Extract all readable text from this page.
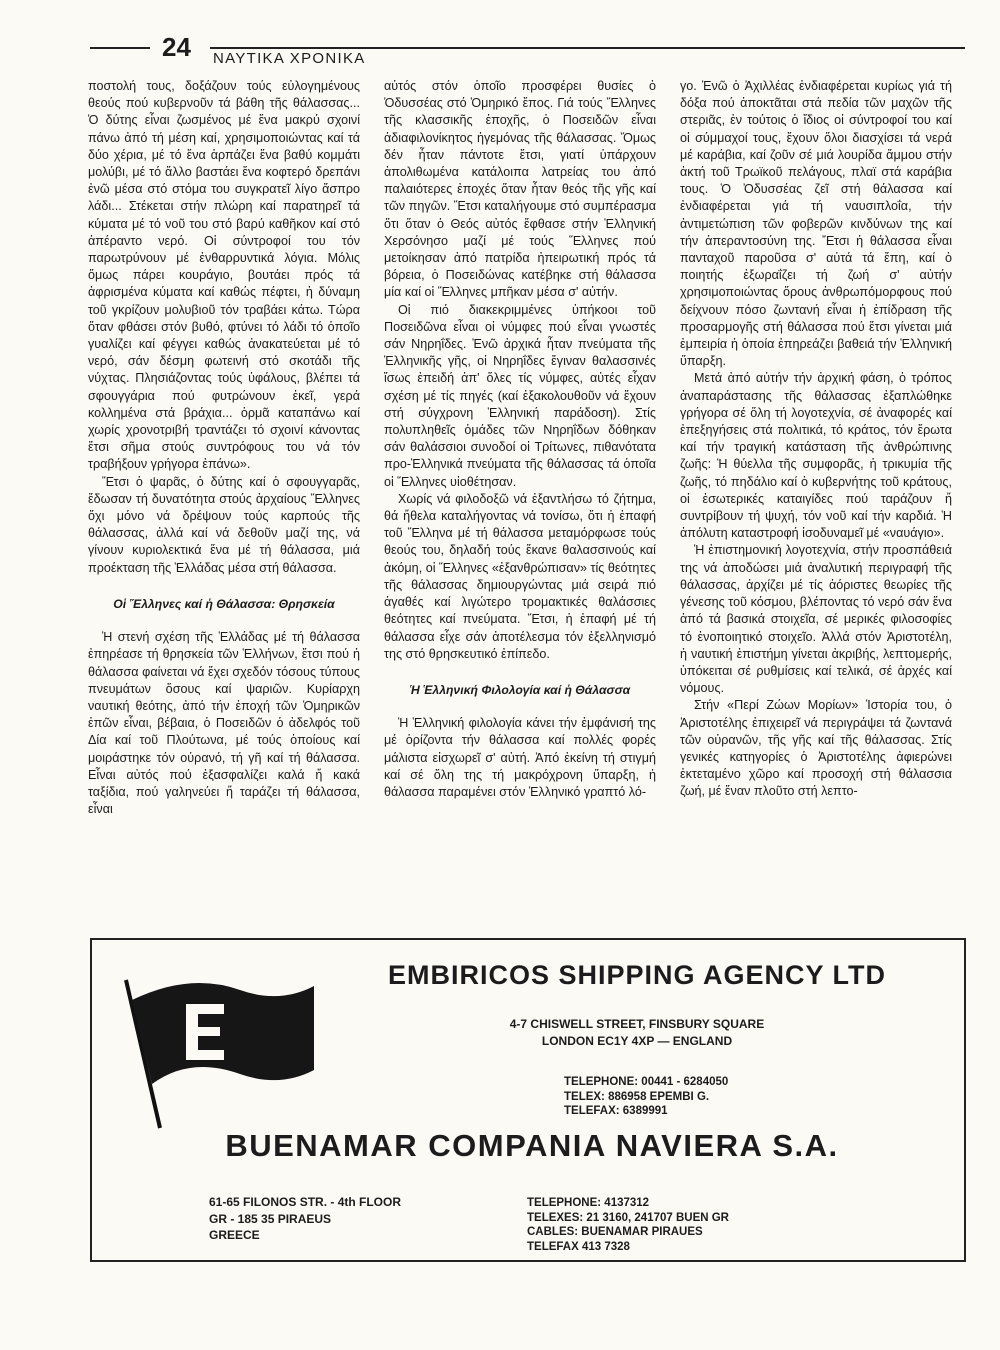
24 ΝΑΥΤΙΚΑ ΧΡΟΝΙΚΑ

ποστολή τους, δοξάζουν τούς εὐλογημένους θεούς πού κυβερνοῦν τά βάθη τῆς θάλασσας... Ὁ δύτης εἶναι ζωσμένος μέ ἕνα μακρύ σχοινί πάνω ἀπό τή μέση καί, χρησιμοποιώντας καί τά δύο χέρια, μέ τό ἕνα ἁρπάζει ἕνα βαθύ κομμάτι μολύβι, μέ τό ἄλλο βαστάει ἕνα κοφτερό δρεπάνι ἐνῶ μέσα στό στόμα του συγκρατεῖ λίγο ἄσπρο λάδι... Στέκεται στήν πλώρη καί παρατηρεῖ τά κύματα μέ τό νοῦ του στό βαρύ καθῆκον καί στό ἀπέραντο νερό. Οἱ σύντροφοί του τόν παρωτρύνουν μέ ἐνθαρρυντικά λόγια. Μόλις ὅμως πάρει κουράγιο, βουτάει πρός τά ἀφρισμένα κύματα καί καθώς πέφτει, ἡ δύναμη τοῦ γκρίζουν μολυβιοῦ τόν τραβάει κάτω. Τώρα ὅταν φθάσει στόν βυθό, φτύνει τό λάδι τό ὁποῖο γυαλίζει καί φέγγει καθώς ἀνακατεύεται μέ τό νερό, σάν δέσμη φωτεινή στό σκοτάδι τῆς νύχτας. Πλησιάζοντας τούς ὑφάλους, βλέπει τά σφουγγάρια πού φυτρώνουν ἐκεῖ, γερά κολλημένα στά βράχια... ὁρμᾶ καταπάνω καί χωρίς χρονοτριβή τραντάζει τό σχοινί κάνοντας ἔτσι σῆμα στούς συντρόφους του νά τόν τραβήξουν γρήγορα ἐπάνω».

Ἔτσι ὁ ψαρᾶς, ὁ δύτης καί ὁ σφουγγαρᾶς, ἔδωσαν τή δυνατότητα στούς ἀρχαίους Ἕλληνες ὄχι μόνο νά δρέψουν τούς καρπούς τῆς θάλασσας, ἀλλά καί νά δεθοῦν μαζί της, νά γίνουν κυριολεκτικά ἕνα μέ τή θάλασσα, μιά προέκταση τῆς Ἑλλάδας μέσα στή θάλασσα.

Οἱ Ἕλληνες καί ἡ Θάλασσα: Θρησκεία

Ἡ στενή σχέση τῆς Ἑλλάδας μέ τή θάλασσα ἐπηρέασε τή θρησκεία τῶν Ἑλλήνων, ἔτσι πού ἡ θάλασσα φαίνεται νά ἔχει σχεδόν τόσους τύπους πνευμάτων ὅσους καί ψαριῶν. Κυρίαρχη ναυτική θεότης, ἀπό τήν ἐποχή τῶν Ὁμηρικῶν ἐπῶν εἶναι, βέβαια, ὁ Ποσειδῶν ὁ ἀδελφός τοῦ Δία καί τοῦ Πλούτωνα, μέ τούς ὁποίους καί μοιράστηκε τόν οὐρανό, τή γῆ καί τή θάλασσα. Εἶναι αὐτός πού ἐξασφαλίζει καλά ἤ κακά ταξίδια, πού γαληνεύει ἤ ταράζει τή θάλασσα, εἶναι

αὐτός στόν ὁποῖο προσφέρει θυσίες ὁ Ὀδυσσέας στό Ὁμηρικό ἔπος. Γιά τούς Ἕλληνες τῆς κλασσικῆς ἐποχῆς, ὁ Ποσειδῶν εἶναι ἀδιαφιλονίκητος ἡγεμόνας τῆς θάλασσας. Ὅμως δέν ἦταν πάντοτε ἔτσι, γιατί ὑπάρχουν ἀπολιθωμένα κατάλοιπα λατρείας του ἀπό παλαιότερες ἐποχές ὅταν ἦταν θεός τῆς γῆς καί τῶν πηγῶν. Ἔτσι καταλήγουμε στό συμπέρασμα ὅτι ὅταν ὁ Θεός αὐτός ἔφθασε στήν Ἑλληνική Χερσόνησο μαζί μέ τούς Ἕλληνες πού μετοίκησαν ἀπό πατρίδα ἠπειρωτική πρός τά βόρεια, ὁ Ποσειδώνας κατέβηκε στή θάλασσα μία καί οἱ Ἕλληνες μπῆκαν μέσα σ' αὐτήν.

Οἱ πιό διακεκριμμένες ὑπήκοοι τοῦ Ποσειδῶνα εἶναι οἱ νύμφες πού εἶναι γνωστές σάν Νηρηΐδες. Ἐνῶ ἀρχικά ἦταν πνεύματα τῆς Ἑλληνικῆς γῆς, οἱ Νηρηΐδες ἔγιναν θαλασσινές ἴσως ἐπειδή ἀπ' ὅλες τίς νύμφες, αὐτές εἶχαν σχέση μέ τίς πηγές (καί ἐξακολουθοῦν νά ἔχουν στή σύγχρονη Ἑλληνική παράδοση). Στίς πολυπληθεῖς ὁμάδες τῶν Νηρηΐδων δόθηκαν σάν θαλάσσιοι συνοδοί οἱ Τρίτωνες, πιθανότατα προ-Ἑλληνικά πνεύματα τῆς θάλασσας τά ὁποῖα οἱ Ἕλληνες υἱοθέτησαν.

Χωρίς νά φιλοδοξῶ νά ἐξαντλήσω τό ζήτημα, θά ἤθελα καταλήγοντας νά τονίσω, ὅτι ἡ ἐπαφή τοῦ Ἕλληνα μέ τή θάλασσα μεταμόρφωσε τούς θεούς του, δηλαδή τούς ἔκανε θαλασσινούς καί ἀκόμη, οἱ Ἕλληνες «ἐξανθρώπισαν» τίς θεότητες τῆς θάλασσας δημιουργώντας μιά σειρά πιό ἀγαθές καί λιγώτερο τρομακτικές θαλάσσιες θεότητες καί πνεύματα. Ἔτσι, ἡ ἐπαφή μέ τή θάλασσα εἶχε σάν ἀποτέλεσμα τόν ἐξελληνισμό της στό θρησκευτικό ἐπίπεδο.

Ἡ Ἑλληνική Φιλολογία καί ἡ Θάλασσα

Ἡ Ἑλληνική φιλολογία κάνει τήν ἐμφάνισή της μέ ὁρίζοντα τήν θάλασσα καί πολλές φορές μάλιστα εἰσχωρεῖ σ' αὐτή. Ἀπό ἐκείνη τή στιγμή καί σέ ὅλη της τή μακρόχρονη ὕπαρξη, ἡ θάλασσα παραμένει στόν Ἑλληνικό γραπτό λό-

γο. Ἐνῶ ὁ Ἀχιλλέας ἐνδιαφέρεται κυρίως γιά τή δόξα πού ἀποκτᾶται στά πεδία τῶν μαχῶν τῆς στεριᾶς, ἐν τούτοις ὁ ἴδιος οἱ σύντροφοί του καί οἱ σύμμαχοί τους, ἔχουν ὅλοι διασχίσει τά νερά μέ καράβια, καί ζοῦν σέ μιά λουρίδα ἄμμου στήν ἀκτή τοῦ Τρωϊκοῦ πελάγους, πλαϊ στά καράβια τους. Ὁ Ὀδυσσέας ζεῖ στή θάλασσα καί ἐνδιαφέρεται γιά τή ναυσιπλοΐα, τήν ἀντιμετώπιση τῶν φοβερῶν κινδύνων της καί τήν ἀπεραντοσύνη της. Ἔτσι ἡ θάλασσα εἶναι πανταχοῦ παροῦσα σ' αὐτά τά ἔπη, καί ὁ ποιητής ἐξωραΐζει τή ζωή σ' αὐτήν χρησιμοποιώντας ὅρους ἀνθρωπόμορφους πού δείχνουν πόσο ζωντανή εἶναι ἡ ἐπίδραση τῆς προσαρμογῆς στή θάλασσα πού ἔτσι γίνεται μιά ἐμπειρία ἡ ὁποία ἐπηρεάζει βαθειά τήν Ἑλληνική ὕπαρξη.

Μετά ἀπό αὐτήν τήν ἀρχική φάση, ὁ τρόπος ἀναπαράστασης τῆς θάλασσας ἐξαπλώθηκε γρήγορα σέ ὅλη τή λογοτεχνία, σέ ἀναφορές καί ἐπεξηγήσεις στά πολιτικά, τό κράτος, τόν ἔρωτα καί τήν τραγική κατάσταση τῆς ἀνθρώπινης ζωῆς: Ἡ θύελλα τῆς συμφορᾶς, ἡ τρικυμία τῆς ζωῆς, τό πηδάλιο καί ὁ κυβερνήτης τοῦ κράτους, οἱ ἐσωτερικές καταιγίδες πού ταράζουν ἤ συντρίβουν τή ψυχή, τόν νοῦ καί τήν καρδιά. Ἡ ἀπόλυτη καταστροφή ἰσοδυναμεῖ μέ «ναυάγιο».

Ἡ ἐπιστημονική λογοτεχνία, στήν προσπάθειά της νά ἀποδώσει μιά ἀναλυτική περιγραφή τῆς θάλασσας, ἀρχίζει μέ τίς ἀόριστες θεωρίες τῆς γένεσης τοῦ κόσμου, βλέποντας τό νερό σάν ἕνα ἀπό τά βασικά στοιχεῖα, σέ μερικές φιλοσοφίες τό ἑνοποιητικό στοιχεῖο. Ἀλλά στόν Ἀριστοτέλη, ἡ ναυτική ἐπιστήμη γίνεται ἀκριβής, λεπτομερής, ὑπόκειται σέ ρυθμίσεις καί τελικά, σέ ἀρχές καί νόμους.

Στήν «Περί Ζώων Μορίων» Ἱστορία του, ὁ Ἀριστοτέλης ἐπιχειρεῖ νά περιγράψει τά ζωντανά τῶν οὐρανῶν, τῆς γῆς καί τῆς θάλασσας. Στίς γενικές κατηγορίες ὁ Ἀριστοτέλης ἀφιερώνει ἐκτεταμένο χῶρο καί προσοχή στή θάλασσια ζωή, μέ ἕναν πλοῦτο στή λεπτο-

EMBIRICOS SHIPPING AGENCY LTD
4-7 CHISWELL STREET, FINSBURY SQUARE
LONDON EC1Y 4XP — ENGLAND
TELEPHONE: 00441 - 6284050
TELEX: 886958 EPEMBI G.
TELEFAX: 6389991
BUENAMAR COMPANIA NAVIERA S.A.
61-65 FILONOS STR. - 4th FLOOR
GR - 185 35 PIRAEUS
GREECE
TELEPHONE: 4137312
TELEXES: 21 3160, 241707 BUEN GR
CABLES: BUENAMAR PIRAUES
TELEFAX 413 7328
